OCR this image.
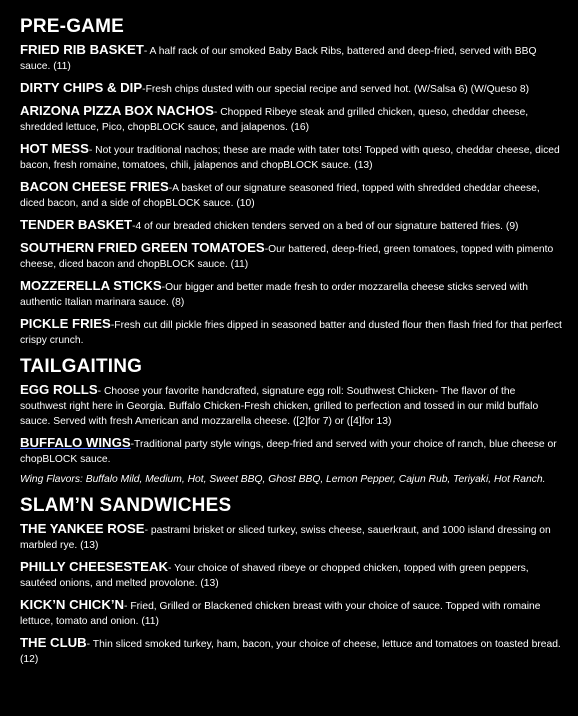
PRE-GAME
FRIED RIB BASKET- A half rack of our smoked Baby Back Ribs, battered and deep-fried, served with BBQ sauce. (11)
DIRTY CHIPS & DIP-Fresh chips dusted with our special recipe and served hot. (W/Salsa 6) (W/Queso 8)
ARIZONA PIZZA BOX NACHOS- Chopped Ribeye steak and grilled chicken, queso, cheddar cheese, shredded lettuce, Pico, chopBLOCK sauce, and jalapenos. (16)
HOT MESS- Not your traditional nachos; these are made with tater tots! Topped with queso, cheddar cheese, diced bacon, fresh romaine, tomatoes, chili, jalapenos and chopBLOCK sauce. (13)
BACON CHEESE FRIES-A basket of our signature seasoned fried, topped with shredded cheddar cheese, diced bacon, and a side of chopBLOCK sauce. (10)
TENDER BASKET-4 of our breaded chicken tenders served on a bed of our signature battered fries. (9)
SOUTHERN FRIED GREEN TOMATOES-Our battered, deep-fried, green tomatoes, topped with pimento cheese, diced bacon and chopBLOCK sauce. (11)
MOZZERELLA STICKS-Our bigger and better made fresh to order mozzarella cheese sticks served with authentic Italian marinara sauce. (8)
PICKLE FRIES-Fresh cut dill pickle fries dipped in seasoned batter and dusted flour then flash fried for that perfect crispy crunch.
TAILGAITING
EGG ROLLS- Choose your favorite handcrafted, signature egg roll: Southwest Chicken- The flavor of the southwest right here in Georgia. Buffalo Chicken-Fresh chicken, grilled to perfection and tossed in our mild buffalo sauce. Served with fresh American and mozzarella cheese. ([2]for 7) or ([4]for 13)
BUFFALO WINGS-Traditional party style wings, deep-fried and served with your choice of ranch, blue cheese or chopBLOCK sauce.
Wing Flavors: Buffalo Mild, Medium, Hot, Sweet BBQ, Ghost BBQ, Lemon Pepper, Cajun Rub, Teriyaki, Hot Ranch.
SLAM’N SANDWICHES
THE YANKEE ROSE- pastrami brisket or sliced turkey, swiss cheese, sauerkraut, and 1000 island dressing on marbled rye. (13)
PHILLY CHEESESTEAK- Your choice of shaved ribeye or chopped chicken, topped with green peppers, sautéed onions, and melted provolone. (13)
KICK’N CHICK’N- Fried, Grilled or Blackened chicken breast with your choice of sauce. Topped with romaine lettuce, tomato and onion. (11)
THE CLUB- Thin sliced smoked turkey, ham, bacon, your choice of cheese, lettuce and tomatoes on toasted bread. (12)
